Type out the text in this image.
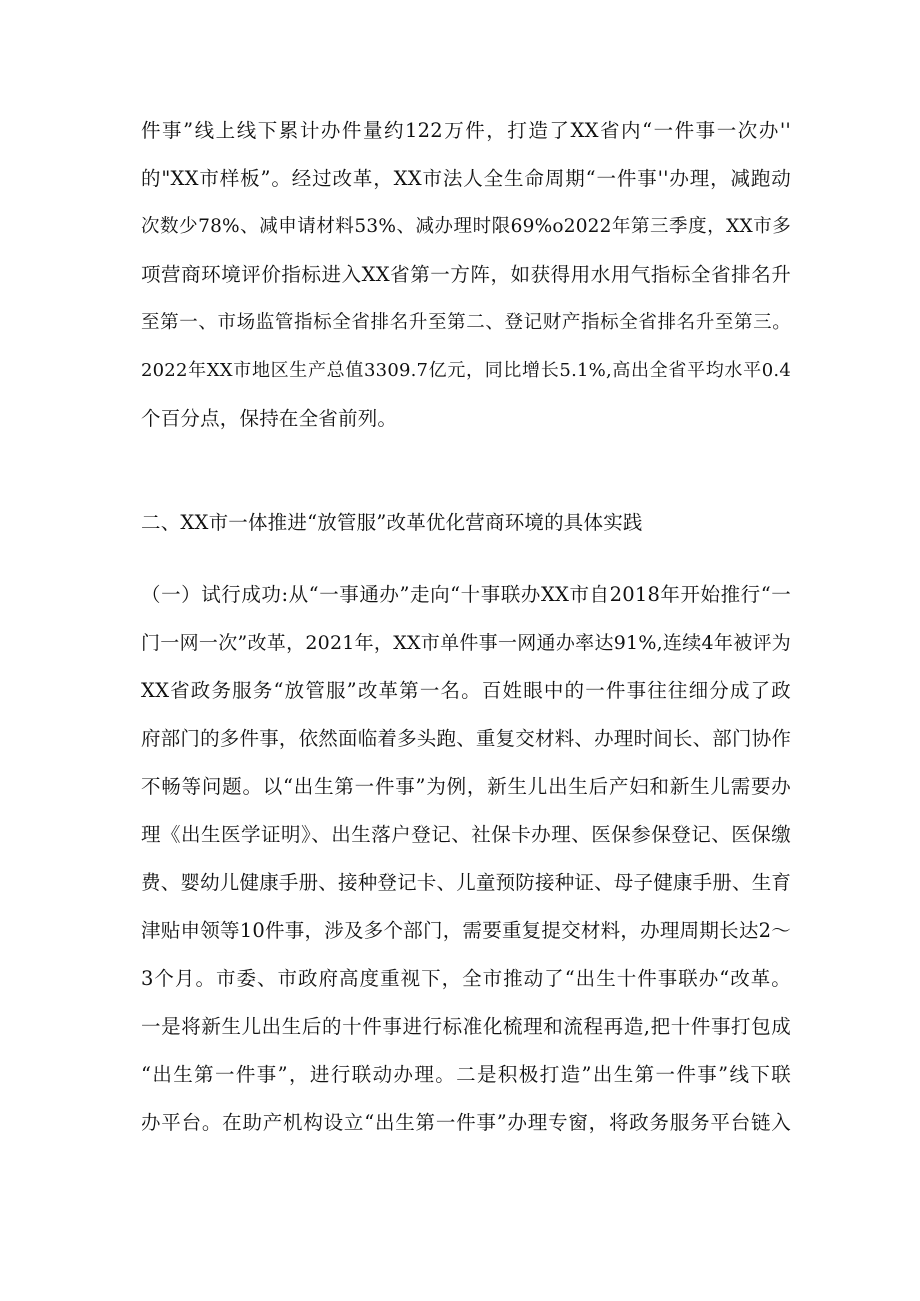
件事”线上线下累计办件量约122万件，打造了XX省内“一件事一次办''
的"XX市样板”。经过改革，XX市法人全生命周期“一件事''办理，减跑动
次数少78%、减申请材料53%、减办理时限69%o2022年第三季度，XX市多
项营商环境评价指标进入XX省第一方阵，如获得用水用气指标全省排名升
至第一、市场监管指标全省排名升至第二、登记财产指标全省排名升至第三。
2022年XX市地区生产总值3309.7亿元，同比增长5.1%,高出全省平均水平0.4
个百分点，保持在全省前列。
二、XX市一体推进“放管服”改革优化营商环境的具体实践
（一）试行成功:从“一事通办”走向“十事联办XX市自2018年开始推行“一
门一网一次”改革，2021年，XX市单件事一网通办率达91%,连续4年被评为
XX省政务服务“放管服”改革第一名。百姓眼中的一件事往往细分成了政
府部门的多件事，依然面临着多头跑、重复交材料、办理时间长、部门协作
不畅等问题。以“出生第一件事”为例，新生儿出生后产妇和新生儿需要办
理《出生医学证明》、出生落户登记、社保卡办理、医保参保登记、医保缴
费、婴幼儿健康手册、接种登记卡、儿童预防接种证、母子健康手册、生育
津贴申领等10件事，涉及多个部门，需要重复提交材料，办理周期长达2〜
3个月。市委、市政府高度重视下，全市推动了“出生十件事联办“改革。
一是将新生儿出生后的十件事进行标准化梳理和流程再造,把十件事打包成
“出生第一件事”，进行联动办理。二是积极打造”出生第一件事”线下联
办平台。在助产机构设立“出生第一件事”办理专窗，将政务服务平台链入
